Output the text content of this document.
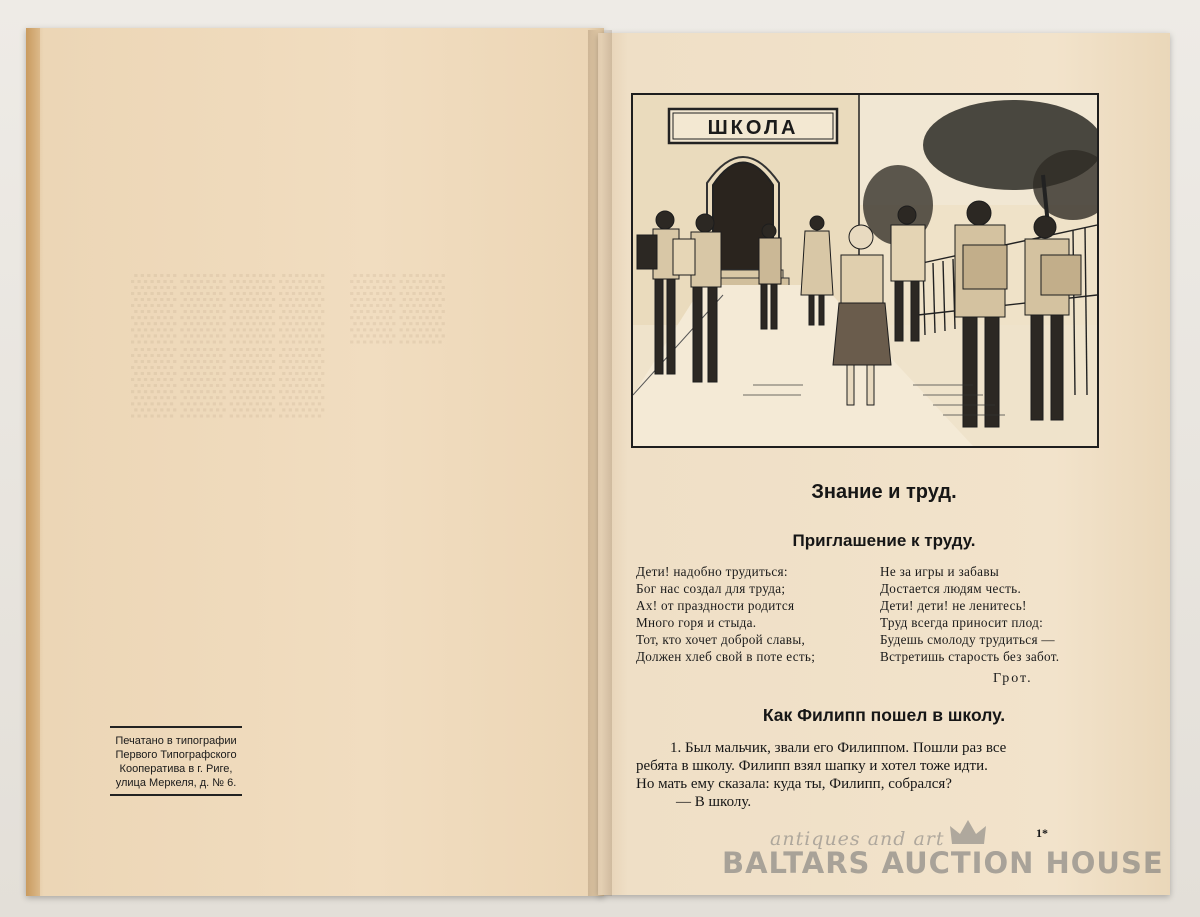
▒▒▒▒ ▒▒ ▒▒▒▒
Печатано в типографии
Первого Типографского
Кооператива в г. Риге,
улица Меркеля, д. № 6.
ШКОЛА
Знание и труд.
Приглашение к труду.
Дети! надобно трудиться:
Бог нас создал для труда;
Ах! от праздности родится
Много горя и стыда.
Тот, кто хочет доброй славы,
Должен хлеб свой в поте есть;
Не за игры и забавы
Достается людям честь.
Дети! дети! не ленитесь!
Труд всегда приносит плод:
Будешь смолоду трудиться —
Встретишь старость без забот.
Грот.
Как Филипп пошел в школу.
1. Был мальчик, звали его Филиппом. Пошли раз все
ребята в школу. Филипп взял шапку и хотел тоже идти.
Но мать ему сказала: куда ты, Филипп, собрался?
— В школу.
1*
antiques and art
BALTARS AUCTION HOUSE
